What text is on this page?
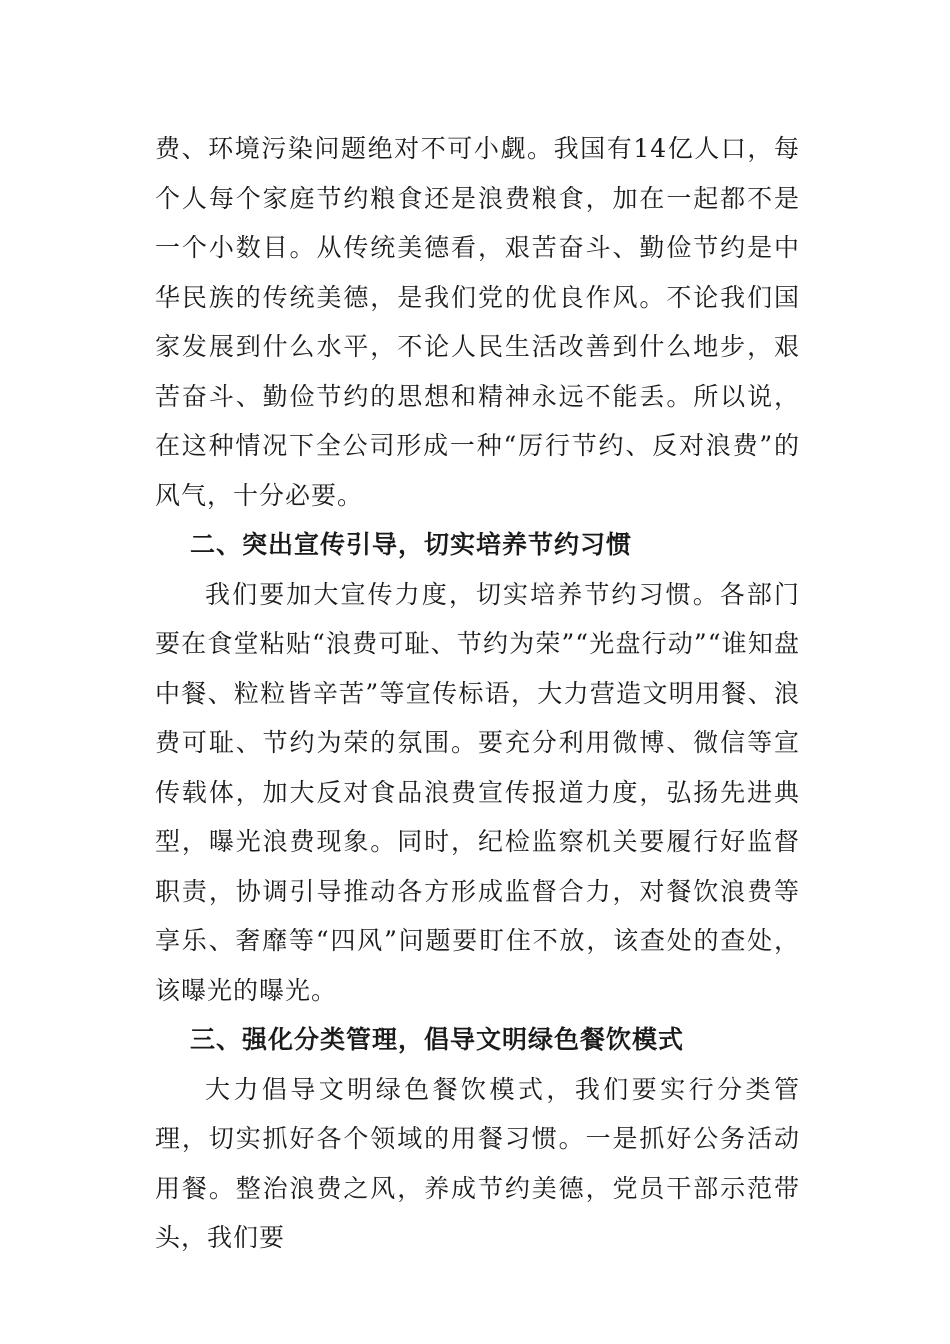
费、环境污染问题绝对不可小觑。我国有14亿人口，每个人每个家庭节约粮食还是浪费粮食，加在一起都不是一个小数目。从传统美德看，艰苦奋斗、勤俭节约是中华民族的传统美德，是我们党的优良作风。不论我们国家发展到什么水平，不论人民生活改善到什么地步，艰苦奋斗、勤俭节约的思想和精神永远不能丢。所以说，在这种情况下全公司形成一种“厉行节约、反对浪费”的风气，十分必要。

二、突出宣传引导，切实培养节约习惯

我们要加大宣传力度，切实培养节约习惯。各部门要在食堂粘贴“浪费可耻、节约为荣”“光盘行动”“谁知盘中餐、粒粒皆辛苦”等宣传标语，大力营造文明用餐、浪费可耻、节约为荣的氛围。要充分利用微博、微信等宣传载体，加大反对食品浪费宣传报道力度，弘扬先进典型，曝光浪费现象。同时，纪检监察机关要履行好监督职责，协调引导推动各方形成监督合力，对餐饮浪费等享乐、奢靡等“四风”问题要盯住不放，该查处的查处，该曝光的曝光。

三、强化分类管理，倡导文明绿色餐饮模式

大力倡导文明绿色餐饮模式，我们要实行分类管理，切实抓好各个领域的用餐习惯。一是抓好公务活动用餐。整治浪费之风，养成节约美德，党员干部示范带头，我们要
